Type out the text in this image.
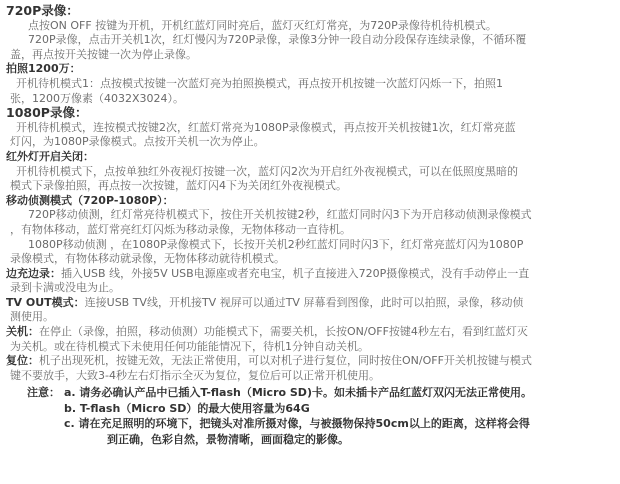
720P录像：
点按ON OFF 按键为开机，开机红蓝灯同时亮后，蓝灯灭红灯常亮，为720P录像待机待机模式。
720P录像，点击开关机1次，红灯慢闪为720P录像，录像3分钟一段自动分段保存连续录像，不循环覆
盖，再点按开关按键一次为停止录像。
拍照1200万：
开机待机模式1：点按模式按键一次蓝灯亮为拍照换模式，再点按开机按键一次蓝灯闪烁一下，拍照1
张，1200万像素（4032X3024）。
1080P录像：
开机待机模式，连按模式按键2次，红蓝灯常亮为1080P录像模式，再点按开关机按键1次，红灯常亮蓝
灯闪，为1080P录像模式。点按开关机一次为停止。
红外灯开启关闭：
开机待机模式下，点按单独红外夜视灯按键一次，蓝灯闪2次为开启红外夜视模式，可以在低照度黑暗的
模式下录像拍照，再点按一次按键，蓝灯闪4下为关闭红外夜视模式。
移动侦测模式（720P-1080P）：
720P移动侦测，红灯常亮待机模式下，按住开关机按键2秒，红蓝灯同时闪3下为开启移动侦测录像模式
，有物体移动，蓝灯常亮红灯闪烁为移动录像，无物体移动一直待机。
1080P移动侦测 ，在1080P录像模式下，长按开关机2秒红蓝灯同时闪3下，红灯常亮蓝灯闪为1080P
录像模式，有物体移动就录像，无物体移动就待机模式。
边充边录：插入USB 线，外接5V USB电源座或者充电宝，机子直接进入720P摄像模式，没有手动停止一直
录到卡满或没电为止。
TV OUT模式：连接USB TV线，开机接TV 视屏可以通过TV 屏幕看到图像，此时可以拍照，录像，移动侦
测使用。
关机：在停止（录像，拍照，移动侦测）功能模式下，需要关机，长按ON/OFF按键4秒左右，看到红蓝灯灭
为关机。或在待机模式下未使用任何功能能情况下，待机1分钟自动关机。
复位：机子出现死机，按键无效，无法正常使用，可以对机子进行复位，同时按住ON/OFF开关机按键与模式
键不要放手，大致3-4秒左右灯指示全灭为复位，复位后可以正常开机使用。
注意： a. 请务必确认产品中已插入T-flash（Micro SD)卡。如未插卡产品红蓝灯双闪无法正常使用。
b. T-flash（Micro SD）的最大使用容量为64G
c. 请在充足照明的环境下，把镜头对准所摄对像，与被摄物保持50cm以上的距离，这样将会得
到正确，色彩自然，景物清晰，画面稳定的影像。
